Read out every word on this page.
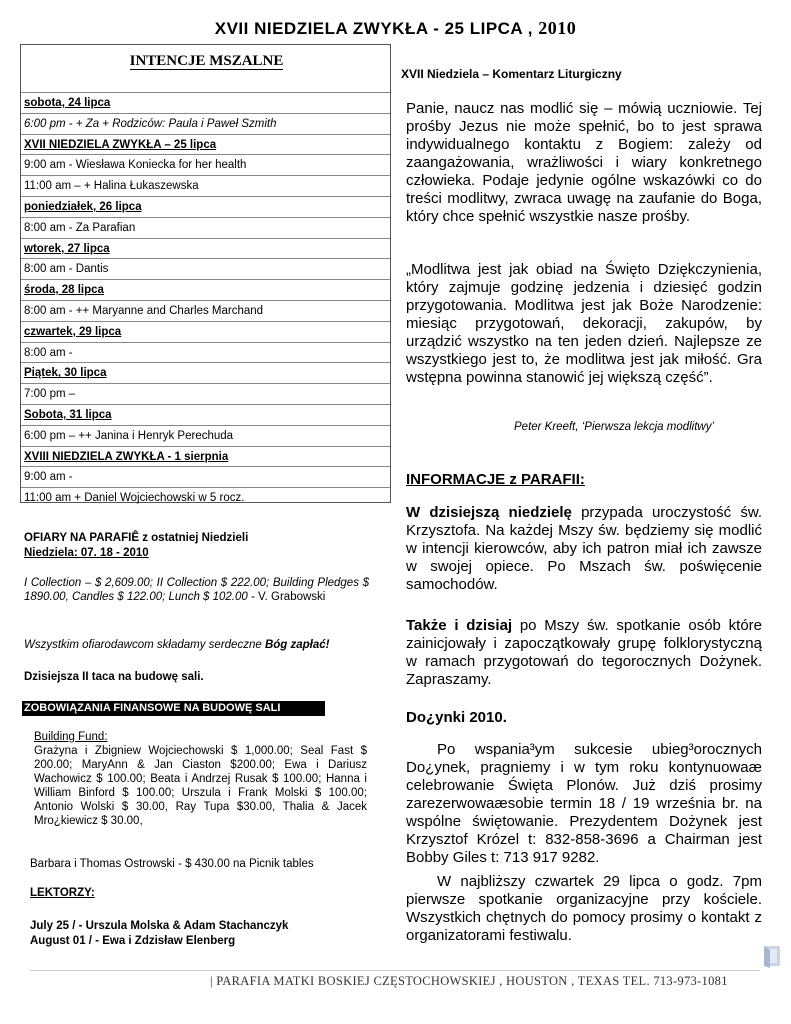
XVII NIEDZIELA ZWYKŁA - 25 LIPCA , 2010
INTENCJE MSZALNE
sobota, 24 lipca
6:00 pm - + Za + Rodziców: Paula i Paweł Szmith
XVII NIEDZIELA ZWYKŁA – 25 lipca
9:00 am - Wiesława Koniecka for her health
11:00 am – + Halina Łukaszewska
poniedziałek, 26 lipca
8:00 am - Za Parafian
wtorek, 27 lipca
8:00 am - Dantis
środa, 28 lipca
8:00 am - ++ Maryanne and Charles Marchand
czwartek, 29 lipca
8:00 am -
Piątek, 30 lipca
7:00 pm –
Sobota, 31 lipca
6:00 pm – ++ Janina i Henryk Perechuda
XVIII NIEDZIELA ZWYKŁA - 1 sierpnia
9:00 am -
11:00 am + Daniel Wojciechowski w 5 rocz.
OFIARY NA PARAFIÊ z ostatniej Niedzieli
Niedziela: 07. 18 - 2010
I Collection – $ 2,609.00; II Collection $ 222.00; Building Pledges $ 1890.00, Candles $ 122.00; Lunch $ 102.00 - V. Grabowski
Wszystkim ofiarodawcom składamy serdeczne Bóg zapłać!
Dzisiejsza II taca na budowę sali.
ZOBOWIĄZANIA FINANSOWE NA BUDOWĘ SALI
Building Fund:
Grażyna i Zbigniew Wojciechowski $ 1,000.00; Seal Fast $ 200.00; MaryAnn & Jan Ciaston $200.00; Ewa i Dariusz Wachowicz $ 100.00; Beata i Andrzej Rusak $ 100.00; Hanna i William Binford $ 100.00; Urszula i Frank Molski $ 100.00; Antonio Wolski $ 30.00, Ray Tupa $30.00, Thalia & Jacek Mro¿kiewicz $ 30.00,
Barbara i Thomas Ostrowski - $ 430.00 na Picnik tables
LEKTORZY:
July 25 / - Urszula Molska & Adam Stachanczyk
August 01 / - Ewa i Zdzisław Elenberg
XVII Niedziela – Komentarz Liturgiczny
Panie, naucz nas modlić się – mówią uczniowie. Tej prośby Jezus nie może spełnić, bo to jest sprawa indywidualnego kontaktu z Bogiem: zależy od zaangażowania, wrażliwości i wiary konkretnego człowieka. Podaje jedynie ogólne wskazówki co do treści modlitwy, zwraca uwagę na zaufanie do Boga, który chce spełnić wszystkie nasze prośby.
„Modlitwa jest jak obiad na Święto Dziękczynienia, który zajmuje godzinę jedzenia i dziesięć godzin przygotowania. Modlitwa jest jak Boże Narodzenie: miesiąc przygotowań, dekoracji, zakupów, by urządzić wszystko na ten jeden dzień. Najlepsze ze wszystkiego jest to, że modlitwa jest jak miłość. Gra wstępna powinna stanowić jej większą część”.
Peter Kreeft, ‘Pierwsza lekcja modlitwy’
INFORMACJE z PARAFII:
W dzisiejszą niedzielę przypada uroczystość św. Krzysztofa. Na każdej Mszy św. będziemy się modlić w intencji kierowców, aby ich patron miał ich zawsze w swojej opiece. Po Mszach św. poświęcenie samochodów.
Także i dzisiaj po Mszy św. spotkanie osób które zainicjowały i zapoczątkowały grupę folklorystyczną w ramach przygotowań do tegorocznych Dożynek. Zapraszamy.
Do¿ynki 2010.
Po wspania³ym sukcesie ubieg³orocznych Do¿ynek, pragniemy i w tym roku kontynuowaæ celebrowanie Święta Plonów. Już dziś prosimy zarezerwowaæsobie termin 18 / 19 września br. na wspólne świętowanie. Prezydentem Dożynek jest Krzysztof Krózel t: 832-858-3696 a Chairman jest Bobby Giles t: 713 917 9282.
W najbliższy czwartek 29 lipca o godz. 7pm pierwsze spotkanie organizacyjne przy kościele. Wszystkich chętnych do pomocy prosimy o kontakt z organizatorami festiwalu.
| PARAFIA MATKI BOSKIEJ CZĘSTOCHOWSKIEJ , HOUSTON , TEXAS TEL. 713-973-1081
